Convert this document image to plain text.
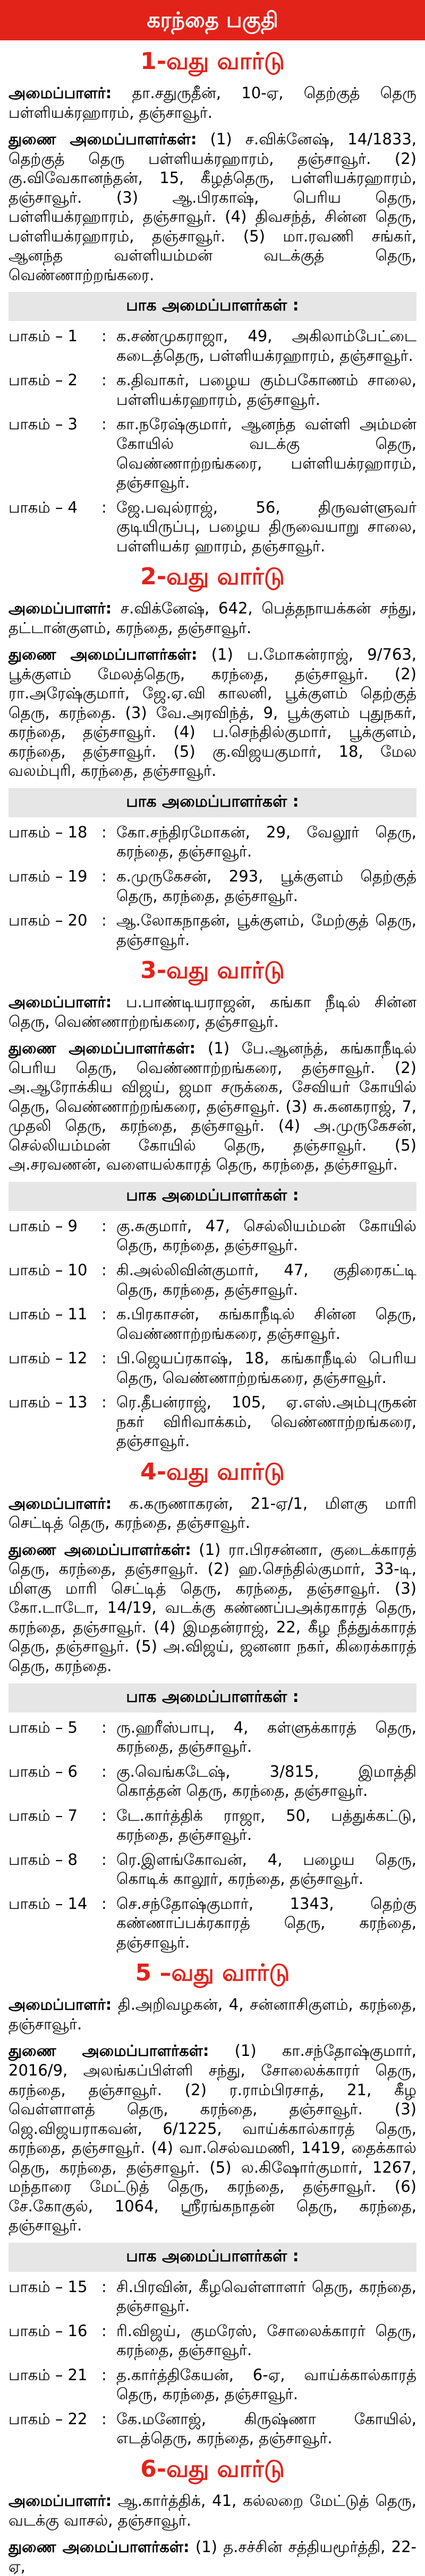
கரந்தை பகுதி
1-வது வார்டு

அமைப்பாளர்: தா.சதுருதீன், 10-ஏ, தெற்குத் தெரு பள்ளியக்ரஹாரம், தஞ்சாவூர்.

துணை அமைப்பாளர்கள்: (1) ச.விக்னேஷ், 14/1833, தெற்குத் தெரு பள்ளியக்ரஹாரம், தஞ்சாவூர். (2) கு.விவேகானந்தன், 15, கீழத்தெரு, பள்ளியக்ரஹாரம், தஞ்சாவூர். (3) ஆ.பிரகாஷ், பெரிய தெரு, பள்ளியக்ரஹாரம், தஞ்சாவூர். (4) திவசந்த், சின்ன தெரு, பள்ளியக்ரஹாரம், தஞ்சாவூர். (5) மா.ரவணி சங்கர், ஆனந்த வள்ளியம்மன் வடக்குத் தெரு, வெண்ணாற்றங்கரை.

பாக அமைப்பாளர்கள் :
பாகம் – 1	: க.சண்முகராஜா, 49, அகிலாம்பேட்டை கடைத்தெரு, பள்ளியக்ரஹாரம், தஞ்சாவூர்.
பாகம் – 2	: க.திவாகர், பழைய கும்பகோணம் சாலை, பள்ளியக்ரஹாரம், தஞ்சாவூர்.
பாகம் – 3	: கா.நரேஷ்குமார், ஆனந்த வள்ளி அம்மன் கோயில் வடக்கு தெரு, வெண்ணாற்றங்கரை, பள்ளியக்ரஹாரம், தஞ்சாவூர்.
பாகம் – 4	: ஜே.பவுல்ராஜ், 56, திருவள்ளுவர் குடியிருப்பு, பழைய திருவையாறு சாலை, பள்ளியக்ர ஹாரம், தஞ்சாவூர்.
2-வது வார்டு

அமைப்பாளர்: ச.விக்னேஷ், 642, பெத்தநாயக்கன் சந்து, தட்டான்குளம், கரந்தை, தஞ்சாவூர்.

துணை அமைப்பாளர்கள்: (1) ப.மோகன்ராஜ், 9/763, பூக்குளம் மேலத்தெரு, கரந்தை, தஞ்சாவூர். (2) ரா.அரேஷ்குமார், ஜே.ஏ.வி காலனி, பூக்குளம் தெற்குத் தெரு, கரந்தை. (3) வே.அரவிந்த், 9, பூக்குளம் புதுநகர், கரந்தை, தஞ்சாவூர். (4) ப.செந்தில்குமார், பூக்குளம், கரந்தை, தஞ்சாவூர். (5) கு.விஜயகுமார், 18, மேல வலம்புரி, கரந்தை, தஞ்சாவூர்.

பாக அமைப்பாளர்கள் :
பாகம் – 18 : கோ.சந்திரமோகன், 29, வேலூர் தெரு, கரந்தை, தஞ்சாவூர்.
பாகம் – 19 : க.முருகேசன், 293, பூக்குளம் தெற்குத் தெரு, கரந்தை, தஞ்சாவூர்.
பாகம் – 20 : ஆ.லோகநாதன், பூக்குளம், மேற்குத் தெரு, தஞ்சாவூர்.
3-வது வார்டு

அமைப்பாளர்: ப.பாண்டியராஜன், கங்கா நீடில் சின்ன தெரு, வெண்ணாற்றங்கரை, தஞ்சாவூர்.

துணை அமைப்பாளர்கள்: (1) பே.ஆனந்த், கங்காநீடில் பெரிய தெரு, வெண்ணாற்றங்கரை, தஞ்சாவூர். (2) அ.ஆரோக்கிய விஜய், ஜமா சருக்கை, சேவியர் கோயில் தெரு, வெண்ணாற்றங்கரை, தஞ்சாவூர். (3) சு.கனகராஜ், 7, முதலி தெரு, கரந்தை, தஞ்சாவூர். (4) அ.முருகேசன், செல்லியம்மன் கோயில் தெரு, தஞ்சாவூர். (5) அ.சரவணன், வளையல்காரத் தெரு, கரந்தை, தஞ்சாவூர்.

பாக அமைப்பாளர்கள் :
பாகம் – 9	: கு.சுகுமார், 47, செல்லியம்மன் கோயில் தெரு, கரந்தை, தஞ்சாவூர்.
பாகம் – 10 : கி.அல்லிவின்குமார், 47, குதிரைகட்டி தெரு, கரந்தை, தஞ்சாவூர்.
பாகம் – 11 : க.பிரகாசன், கங்காநீடில் சின்ன தெரு, வெண்ணாற்றங்கரை, தஞ்சாவூர்.
பாகம் – 12 : பி.ஜெயப்ரகாஷ், 18, கங்காநீடில் பெரிய தெரு, வெண்ணாற்றங்கரை, தஞ்சாவூர்.
பாகம் – 13 : ரெ.தீபன்ராஜ், 105, ஏ.எஸ்.அம்புருகன் நகர் விரிவாக்கம், வெண்ணாற்றங்கரை, தஞ்சாவூர்.
4-வது வார்டு

அமைப்பாளர்: க.கருணாகரன், 21-ஏ/1, மிளகு மாரி செட்டித் தெரு, கரந்தை, தஞ்சாவூர்.

துணை அமைப்பாளர்கள்: (1) ரா.பிரசன்னா, குடைக்காரத் தெரு, கரந்தை, தஞ்சாவூர். (2) ஹ.செந்தில்குமார், 33-டி, மிளகு மாரி செட்டித் தெரு, கரந்தை, தஞ்சாவூர். (3) கோ.டாடோ, 14/19, வடக்கு கண்ணப்பஅக்ரகாரத் தெரு, கரந்தை, தஞ்சாவூர். (4) இமதன்ராஜ், 22, கீழ நீத்துக்காரத் தெரு, தஞ்சாவூர். (5) அ.விஜய், ஜனனா நகர், கிரைக்காரத் தெரு, கரந்தை.

பாக அமைப்பாளர்கள் :
பாகம் – 5	: ரு.ஹரீஸ்பாபு, 4, கள்ளுக்காரத் தெரு, கரந்தை, தஞ்சாவூர்.
பாகம் – 6	: கு.வெங்கடேஷ், 3/815, இமாத்தி கொத்தன் தெரு, கரந்தை, தஞ்சாவூர்.
பாகம் – 7	: டே.கார்த்திக் ராஜா, 50, பத்துக்கட்டு, கரந்தை, தஞ்சாவூர்.
பாகம் – 8	: ரெ.இளங்கோவன், 4, பழைய தெரு, கொடிக் காலூர், கரந்தை, தஞ்சாவூர்.
பாகம் – 14 : செ.சந்தோஷ்குமார், 1343, தெற்கு கண்ணாப்பக்ரகாரத் தெரு, கரந்தை, தஞ்சாவூர்.
5 –வது வார்டு

அமைப்பாளர்: தி.அறிவழகன், 4, சன்னாசிகுளம், கரந்தை, தஞ்சாவூர்.

துணை அமைப்பாளர்கள்: (1) கா.சந்தோஷ்குமார், 2016/9, அலங்கப்பிள்ளி சந்து, சோலைக்காரர் தெரு, கரந்தை, தஞ்சாவூர். (2) ர.ராம்பிரசாத், 21, கீழ வெள்ளாளத் தெரு, கரந்தை, தஞ்சாவூர். (3) ஜெ.விஜயராகவன், 6/1225, வாய்க்கால்காரத் தெரு, கரந்தை, தஞ்சாவூர். (4) வா.செல்வமணி, 1419, தைக்கால் தெரு, கரந்தை, தஞ்சாவூர். (5) ல.கிஷோர்குமார், 1267, மந்தாரை மேட்டுத் தெரு, கரந்தை, தஞ்சாவூர். (6) சே.கோகுல், 1064, ஸ்ரீரங்கநாதன் தெரு, கரந்தை, தஞ்சாவூர்.

பாக அமைப்பாளர்கள் :
பாகம் – 15 : சி.பிரவின், கீழவெள்ளாளர் தெரு, கரந்தை, தஞ்சாவூர்.
பாகம் – 16 : ரி.விஜய், குமரேஸ், சோலைக்காரர் தெரு, கரந்தை, தஞ்சாவூர்.
பாகம் – 21 : த.கார்த்திகேயன், 6-ஏ, வாய்க்கால்காரத் தெரு, கரந்தை, தஞ்சாவூர்.
பாகம் – 22 : கே.மனோஜ், கிருஷ்ணா கோயில், எடத்தெரு, கரந்தை, தஞ்சாவூர்.
6-வது வார்டு

அமைப்பாளர்: ஆ.கார்த்திக், 41, கல்லறை மேட்டுத் தெரு, வடக்கு வாசல், தஞ்சாவூர்.

துணை அமைப்பாளர்கள்: (1) த.சச்சின் சத்தியமூர்த்தி, 22-ஏ,
